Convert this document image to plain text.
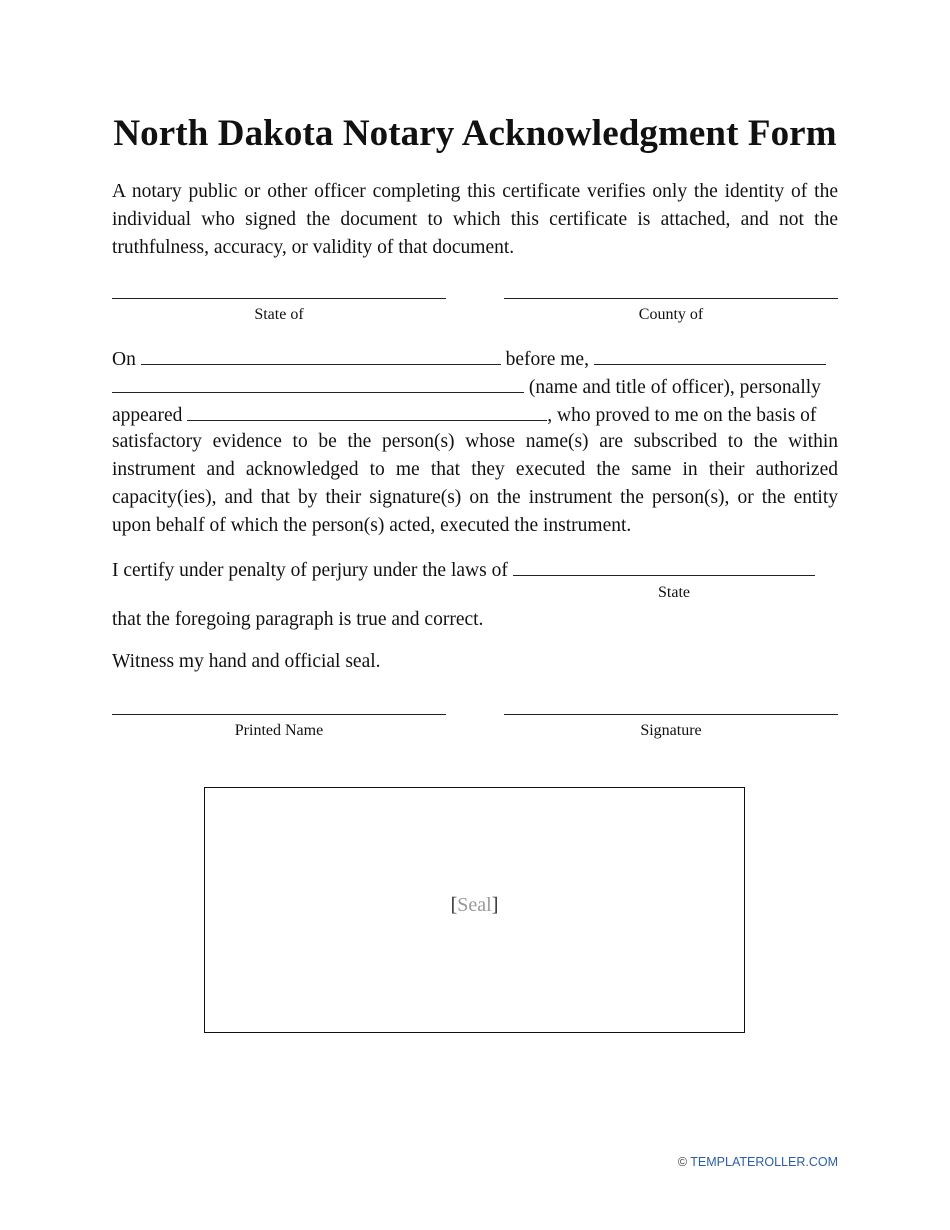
North Dakota Notary Acknowledgment Form
A notary public or other officer completing this certificate verifies only the identity of the individual who signed the document to which this certificate is attached, and not the truthfulness, accuracy, or validity of that document.
State of	County of
On	before me,
(name and title of officer), personally
appeared	, who proved to me on the basis of
satisfactory evidence to be the person(s) whose name(s) are subscribed to the within instrument and acknowledged to me that they executed the same in their authorized capacity(ies), and that by their signature(s) on the instrument the person(s), or the entity upon behalf of which the person(s) acted, executed the instrument.
I certify under penalty of perjury under the laws of
State
that the foregoing paragraph is true and correct.
Witness my hand and official seal.
Printed Name	Signature
[Seal]
© TEMPLATEROLLER.COM
